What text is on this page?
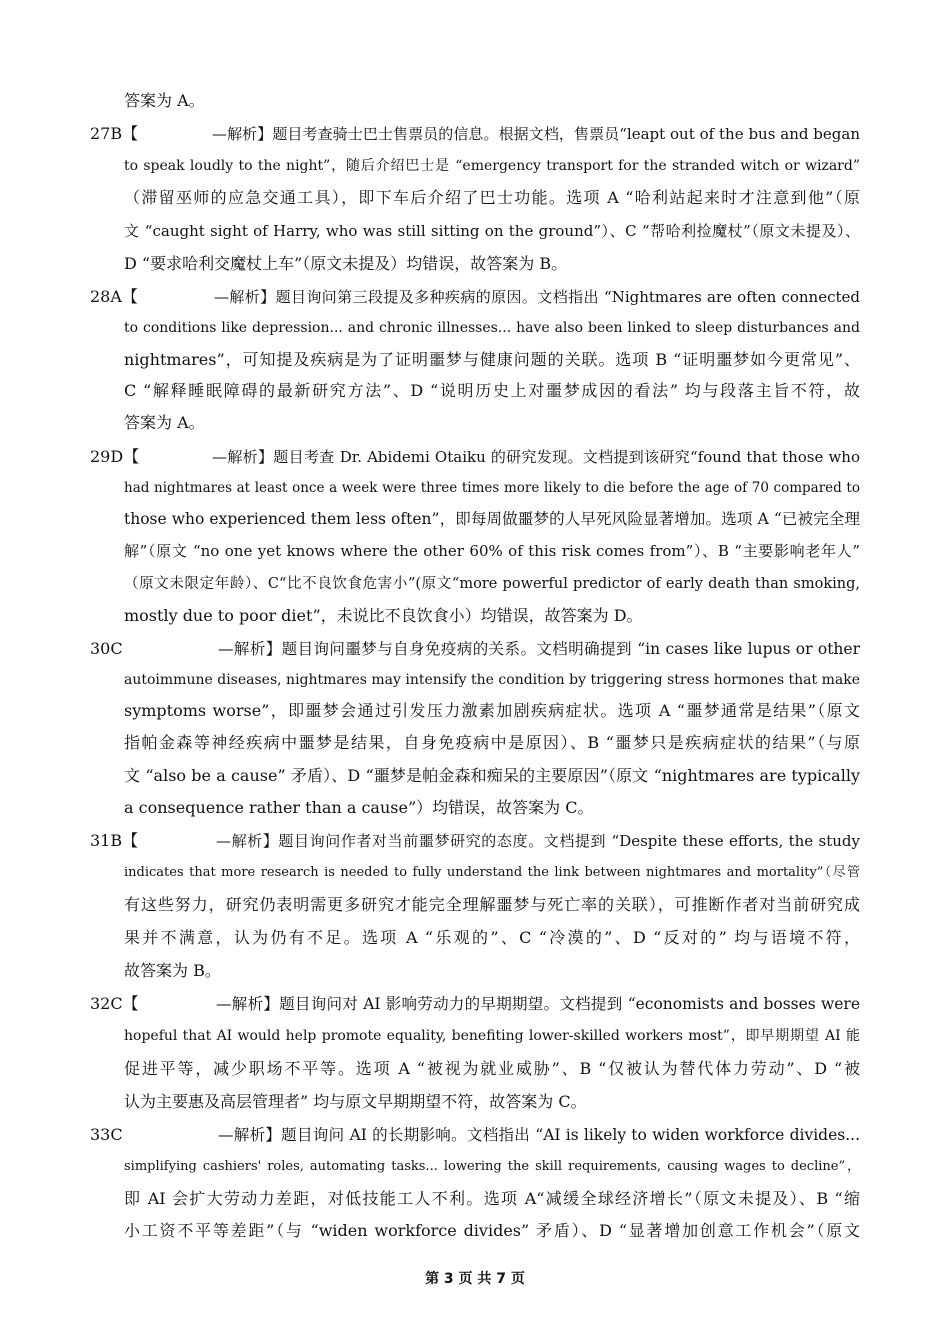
答案为 A。
27B【	—解析】题目考查骑士巴士售票员的信息。根据文档，售票员“leapt out of the bus and began
to speak loudly to the night”，随后介绍巴士是 “emergency transport for the stranded witch or wizard”
（滞留巫师的应急交通工具），即下车后介绍了巴士功能。选项 A “哈利站起来时才注意到他”（原
文 “caught sight of Harry, who was still sitting on the ground”）、C “帮哈利捡魔杖”（原文未提及）、
D “要求哈利交魔杖上车”（原文未提及）均错误，故答案为 B。
28A【	—解析】题目询问第三段提及多种疾病的原因。文档指出 “Nightmares are often connected
to conditions like depression... and chronic illnesses... have also been linked to sleep disturbances and
nightmares”，可知提及疾病是为了证明噩梦与健康问题的关联。选项 B “证明噩梦如今更常见”、
C “解释睡眠障碍的最新研究方法”、D “说明历史上对噩梦成因的看法” 均与段落主旨不符，故
答案为 A。
29D【	—解析】题目考查 Dr. Abidemi Otaiku 的研究发现。文档提到该研究“found that those who
had nightmares at least once a week were three times more likely to die before the age of 70 compared to
those who experienced them less often”，即每周做噩梦的人早死风险显著增加。选项 A “已被完全理
解”（原文 “no one yet knows where the other 60% of this risk comes from”）、B “主要影响老年人”
（原文未限定年龄）、C“比不良饮食危害小”(原文“more powerful predictor of early death than smoking,
mostly due to poor diet”，未说比不良饮食小）均错误，故答案为 D。
30C	—解析】题目询问噩梦与自身免疫病的关系。文档明确提到 “in cases like lupus or other
autoimmune diseases, nightmares may intensify the condition by triggering stress hormones that make
symptoms worse”，即噩梦会通过引发压力激素加剧疾病症状。选项 A “噩梦通常是结果”（原文
指帕金森等神经疾病中噩梦是结果，自身免疫病中是原因）、B “噩梦只是疾病症状的结果”（与原
文 “also be a cause” 矛盾）、D “噩梦是帕金森和痴呆的主要原因”（原文 “nightmares are typically
a consequence rather than a cause”）均错误，故答案为 C。
31B【	—解析】题目询问作者对当前噩梦研究的态度。文档提到 “Despite these efforts, the study
indicates that more research is needed to fully understand the link between nightmares and mortality”（尽管
有这些努力，研究仍表明需更多研究才能完全理解噩梦与死亡率的关联），可推断作者对当前研究成
果并不满意，认为仍有不足。选项 A “乐观的”、C “冷漠的”、D “反对的” 均与语境不符，
故答案为 B。
32C【	—解析】题目询问对 AI 影响劳动力的早期期望。文档提到 “economists and bosses were
hopeful that AI would help promote equality, benefiting lower-skilled workers most”，即早期期望 AI 能
促进平等，减少职场不平等。选项 A “被视为就业威胁”、B “仅被认为替代体力劳动”、D “被
认为主要惠及高层管理者” 均与原文早期期望不符，故答案为 C。
33C	—解析】题目询问 AI 的长期影响。文档指出 “AI is likely to widen workforce divides...
simplifying cashiers' roles, automating tasks... lowering the skill requirements, causing wages to decline”，
即 AI 会扩大劳动力差距，对低技能工人不利。选项 A“减缓全球经济增长”（原文未提及）、B “缩
小工资不平等差距”（与 “widen workforce divides” 矛盾）、D “显著增加创意工作机会”（原文
第 3 页 共 7 页
